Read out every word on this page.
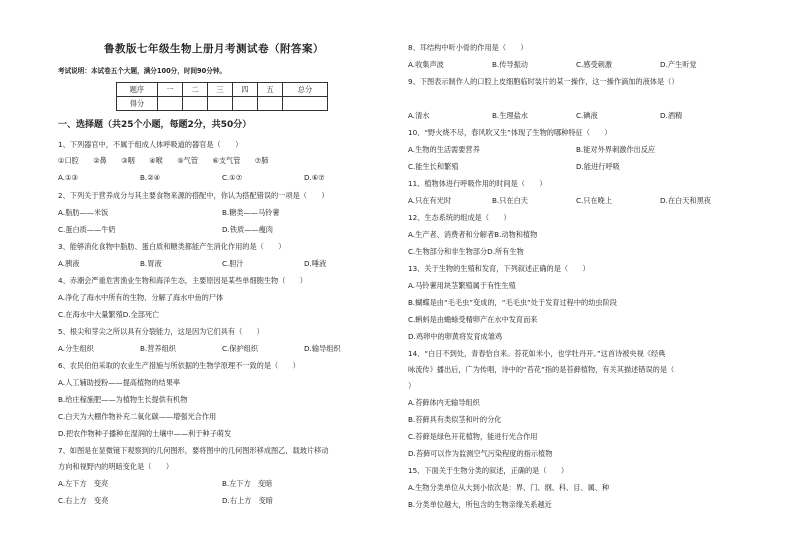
鲁教版七年级生物上册月考测试卷（附答案）
考试说明：本试卷五个大题，满分100分，时间90分钟。
题序	一	二	三	四	五	总分
得分						
一、选择题（共25个小题，每题2分，共50分）
1、下列器官中，不属于组成人体呼吸道的器官是（　　）
①口腔　　②鼻　　③咽　　④喉　　⑤气管　　⑥支气管　　⑦肺
A.①③	B.②④	C.①⑦	D.⑥⑦
2、下列关于营养成分与其主要食物来源的搭配中，你认为搭配错误的一项是（　　）
A.脂肪——米饭	B.糖类——马铃薯
C.蛋白质——牛奶	D.铁质——瘦肉
3、能够消化食物中脂肪、蛋白质和糖类都能产生消化作用的是（　　）
A.胰液	B.胃液	C.胆汁	D.唾液
4、赤潮会严重危害渔业生物和海洋生态，主要原因是某些单细胞生物（　　）
A.净化了海水中所有的生物、分解了海水中鱼的尸体
C.在海水中大量繁殖D.全部死亡
5、根尖和芽尖之所以具有分裂能力，这是因为它们具有（　　）
A.分生组织	B.营养组织	C.保护组织	D.输导组织
6、农民伯伯采取的农业生产措施与所依据的生物学原理不一致的是（　　）
A.人工辅助授粉——提高植物的结果率
B.给庄稼施肥——为植物生长提供有机物
C.白天为大棚作物补充二氧化碳——增强光合作用
D.把农作物种子播种在湿润的土壤中——利于种子萌发
7、如图是在显微镜下观察到的几何图形，要将图中的几何图形移成图乙，载玻片移动
方向和视野内的明暗变化是（　　）
A.左下方　变亮	B.左下方　变暗
C.右上方　变亮	D.右上方　变暗
8、耳结构中听小骨的作用是（　　）
A.收集声波	B.传导振动	C.感受刺激	D.产生听觉
9、下图表示制作人的口腔上皮细胞临时装片的某一操作，这一操作滴加的液体是（）
A.清水	B.生理盐水	C.碘液	D.酒精
10、“野火烧不尽，春风吹又生”体现了生物的哪种特征（　　）
A.生物的生活需要营养	B.能对外界刺激作出反应
C.能生长和繁殖	D.能进行呼吸
11、植物体进行呼吸作用的时间是（　　）
A.只在有光时	B.只在白天	C.只在晚上	D.在白天和黑夜
12、生态系统的组成是（　　）
A.生产者、消费者和分解者B.动物和植物
C.生物部分和非生物部分D.所有生物
13、关于生物的生殖和发育，下列叙述正确的是（　　）
A.马铃薯用块茎繁殖属于有性生殖
B.蝴蝶是由“毛毛虫”变成的，“毛毛虫”处于发育过程中的幼虫阶段
C.蝌蚪是由蟾蜍受精卵产在水中发育而来
D.鸡卵中的卵黄将发育成雏鸡
14、“白日不到处，青春恰自来。苔花如米小，也学牡丹开。”这首诗被央视《经典
咏流传》播出后，广为传唱，诗中的“苔花”指的是苔藓植物，有关其描述错误的是（
）
A.苔藓体内无输导组织
B.苔藓具有类似茎和叶的分化
C.苔藓是绿色开花植物，能进行光合作用
D.苔藓可以作为监测空气污染程度的指示植物
15、下面关于生物分类的叙述，正确的是（　　）
A.生物分类单位从大到小依次是：界、门、纲、科、目、属、种
B.分类单位越大，所包含的生物亲缘关系越近
